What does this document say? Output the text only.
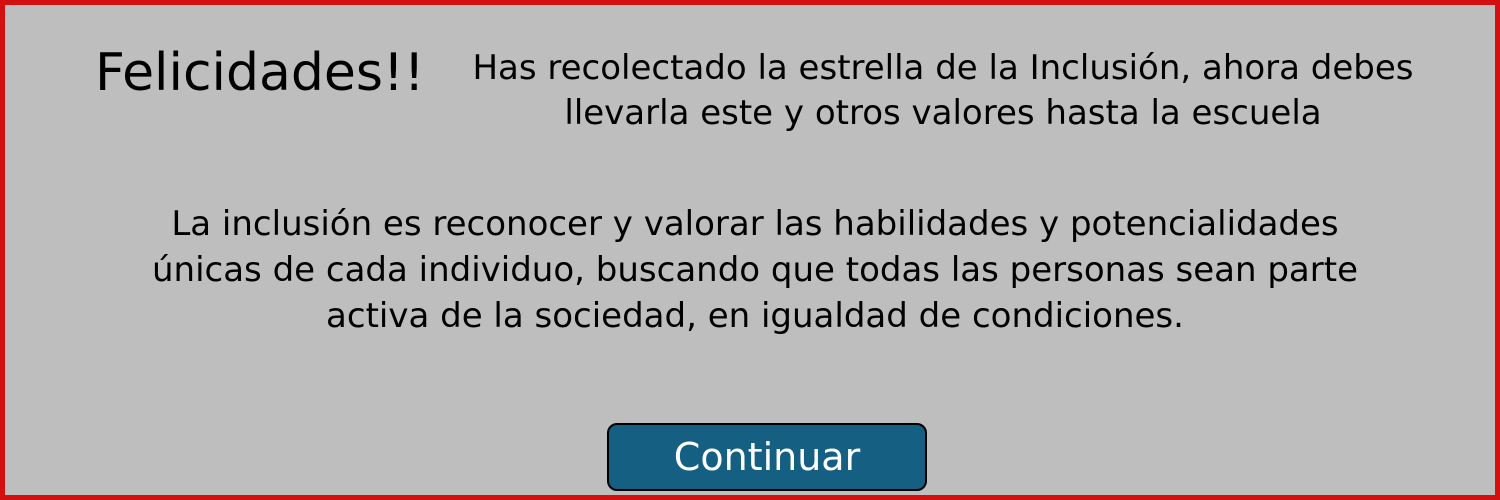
Felicidades!!	Has recolectado la estrella de la Inclusión, ahora debes llevarla este y otros valores hasta la escuela

La inclusión es reconocer y valorar las habilidades y potencialidades únicas de cada individuo, buscando que todas las personas sean parte activa de la sociedad, en igualdad de condiciones.

Continuar
